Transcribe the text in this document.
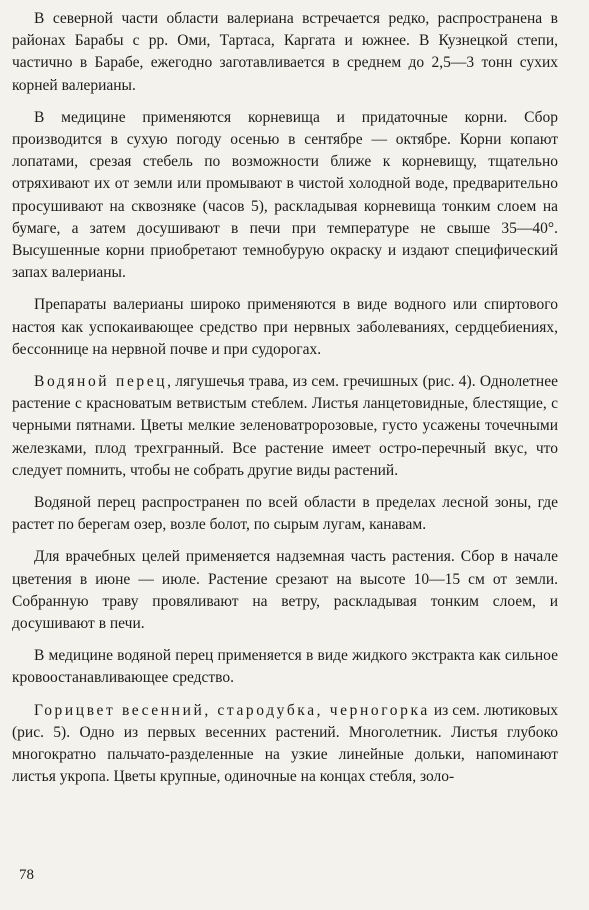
В северной части области валериана встречается редко, распространена в районах Барабы с рр. Оми, Тартаса, Каргата и южнее. В Кузнецкой степи, частично в Барабе, ежегодно заготавливается в среднем до 2,5—3 тонн сухих корней валерианы.

В медицине применяются корневища и придаточные корни. Сбор производится в сухую погоду осенью в сентябре — октябре. Корни копают лопатами, срезая стебель по возможности ближе к корневищу, тщательно отряхивают их от земли или промывают в чистой холодной воде, предварительно просушивают на сквозняке (часов 5), раскладывая корневища тонким слоем на бумаге, а затем досушивают в печи при температуре не свыше 35—40°. Высушенные корни приобретают темнобурую окраску и издают специфический запах валерианы.

Препараты валерианы широко применяются в виде водного или спиртового настоя как успокаивающее средство при нервных заболеваниях, сердцебиениях, бессоннице на нервной почве и при судорогах.

Водяной перец, лягушечья трава, из сем. гречишных (рис. 4). Однолетнее растение с красноватым ветвистым стеблем. Листья ланцетовидные, блестящие, с черными пятнами. Цветы мелкие зеленоватророзовые, густо усажены точечными железками, плод трехгранный. Все растение имеет остро-перечный вкус, что следует помнить, чтобы не собрать другие виды растений.

Водяной перец распространен по всей области в пределах лесной зоны, где растет по берегам озер, возле болот, по сырым лугам, канавам.

Для врачебных целей применяется надземная часть растения. Сбор в начале цветения в июне — июле. Растение срезают на высоте 10—15 см от земли. Собранную траву провяливают на ветру, раскладывая тонким слоем, и досушивают в печи.

В медицине водяной перец применяется в виде жидкого экстракта как сильное кровоостанавливающее средство.

Горицвет весенний, стародубка, черногорка из сем. лютиковых (рис. 5). Одно из первых весенних растений. Многолетник. Листья глубоко многократно пальчато-разделенные на узкие линейные дольки, напоминают листья укропа. Цветы крупные, одиночные на концах стебля, золо-

78
